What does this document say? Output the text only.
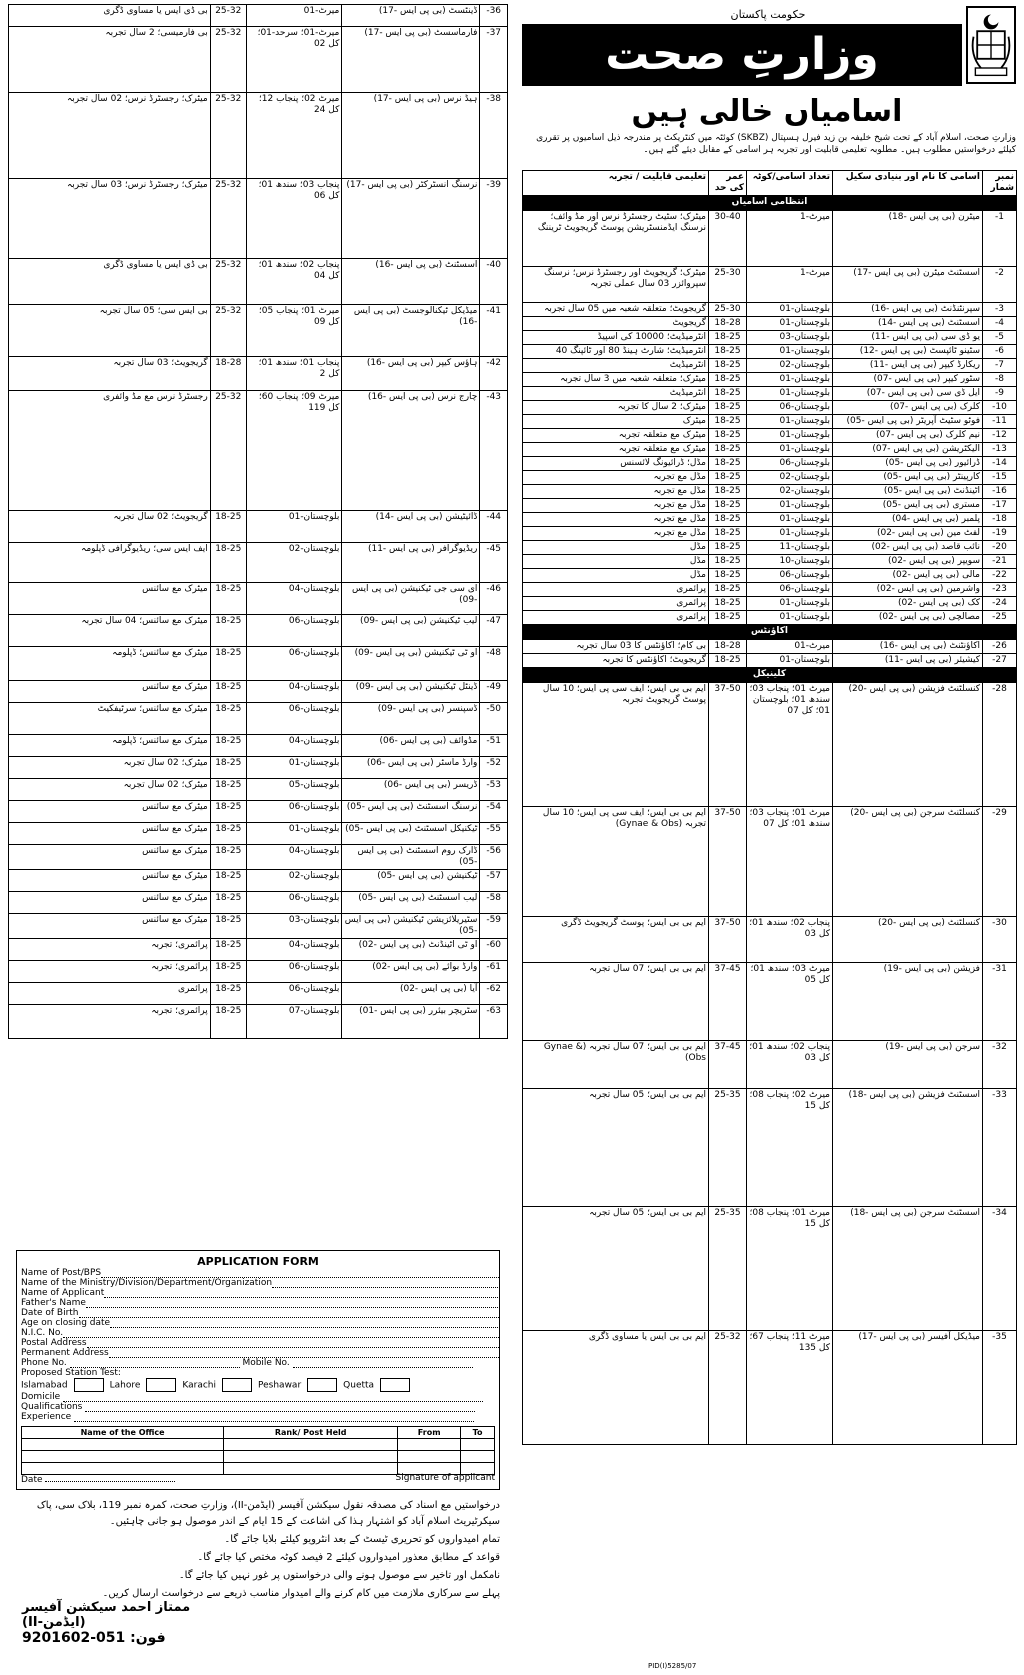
بی ڈی ایس یا مساوی ڈگری	25-32	میرٹ-01	ڈینٹسٹ (بی پی ایس -17)	-36
بی فارمیسی؛ 2 سال تجربہ	25-32	میرٹ-01؛ سرحد-01؛ کل 02	فارماسسٹ (بی پی ایس -17)	-37
میٹرک؛ رجسٹرڈ نرس؛ 02 سال تجربہ	25-32	میرٹ 02؛ پنجاب 12؛ کل 24	ہیڈ نرس (بی پی ایس -17)	-38
میٹرک؛ رجسٹرڈ نرس؛ 03 سال تجربہ	25-32	پنجاب 03؛ سندھ 01؛ کل 06	نرسنگ انسٹرکٹر (بی پی ایس -17)	-39
بی ڈی ایس یا مساوی ڈگری	25-32	پنجاب 02؛ سندھ 01؛ کل 04	اسسٹنٹ (بی پی ایس -16)	-40
بی ایس سی؛ 05 سال تجربہ	25-32	میرٹ 01؛ پنجاب 05؛ کل 09	میڈیکل ٹیکنالوجسٹ (بی پی ایس -16)	-41
گریجویٹ؛ 03 سال تجربہ	18-28	پنجاب 01؛ سندھ 01؛ کل 2	ہاؤس کیپر (بی پی ایس -16)	-42
رجسٹرڈ نرس مع مڈ وائفری	25-32	میرٹ 09؛ پنجاب 60؛ کل 119	چارج نرس (بی پی ایس -16)	-43
گریجویٹ؛ 02 سال تجربہ	18-25	بلوچستان-01	ڈائیٹیشن (بی پی ایس -14)	-44
ایف ایس سی؛ ریڈیوگرافی ڈپلومہ	18-25	بلوچستان-02	ریڈیوگرافر (بی پی ایس -11)	-45
میٹرک مع سائنس	18-25	بلوچستان-04	ای سی جی ٹیکنیشن (بی پی ایس -09)	-46
میٹرک مع سائنس؛ 04 سال تجربہ	18-25	بلوچستان-06	لیب ٹیکنیشن (بی پی ایس -09)	-47
میٹرک مع سائنس؛ ڈپلومہ	18-25	بلوچستان-06	او ٹی ٹیکنیشن (بی پی ایس -09)	-48
میٹرک مع سائنس	18-25	بلوچستان-04	ڈینٹل ٹیکنیشن (بی پی ایس -09)	-49
میٹرک مع سائنس؛ سرٹیفکیٹ	18-25	بلوچستان-06	ڈسپنسر (بی پی ایس -09)	-50
میٹرک مع سائنس؛ ڈپلومہ	18-25	بلوچستان-04	مڈوائف (بی پی ایس -06)	-51
میٹرک؛ 02 سال تجربہ	18-25	بلوچستان-01	وارڈ ماسٹر (بی پی ایس -06)	-52
میٹرک؛ 02 سال تجربہ	18-25	بلوچستان-05	ڈریسر (بی پی ایس -06)	-53
میٹرک مع سائنس	18-25	بلوچستان-06	نرسنگ اسسٹنٹ (بی پی ایس -05)	-54
میٹرک مع سائنس	18-25	بلوچستان-01	ٹیکنیکل اسسٹنٹ (بی پی ایس -05)	-55
میٹرک مع سائنس	18-25	بلوچستان-04	ڈارک روم اسسٹنٹ (بی پی ایس -05)	-56
میٹرک مع سائنس	18-25	بلوچستان-02	ٹیکنیشن (بی پی ایس -05)	-57
میٹرک مع سائنس	18-25	بلوچستان-06	لیب اسسٹنٹ (بی پی ایس -05)	-58
میٹرک مع سائنس	18-25	بلوچستان-03	سٹیریلائزیشن ٹیکنیشن (بی پی ایس -05)	-59
پرائمری؛ تجربہ	18-25	بلوچستان-04	او ٹی اٹینڈنٹ (بی پی ایس -02)	-60
پرائمری؛ تجربہ	18-25	بلوچستان-06	وارڈ بوائے (بی پی ایس -02)	-61
پرائمری	18-25	بلوچستان-06	آیا (بی پی ایس -02)	-62
پرائمری؛ تجربہ	18-25	بلوچستان-07	سٹریچر بیئرر (بی پی ایس -01)	-63
APPLICATION FORM
Name of Post/BPS
Name of the Ministry/Division/Department/Organization
Name of Applicant
Father's Name
Date of Birth
Age on closing date
N.I.C. No.
Postal Address
Permanent Address
Phone No.	Mobile No.
Proposed Station Test:
Islamabad	Lahore	Karachi	Peshawar	Quetta
Domicile
Qualifications
Experience
Name of the Office	Rank/ Post Held	From	To

Date	Signature of applicant
درخواستیں مع اسناد کی مصدقہ نقول سیکشن آفیسر (ایڈمن-II)، وزارتِ صحت، کمرہ نمبر 119، بلاک سی، پاک سیکرٹیریٹ اسلام آباد کو اشتہار ہذا کی اشاعت کے 15 ایام کے اندر موصول ہو جانی چاہئیں۔
تمام امیدواروں کو تحریری ٹیسٹ کے بعد انٹرویو کیلئے بلایا جائے گا۔
قواعد کے مطابق معذور امیدواروں کیلئے 2 فیصد کوٹہ مختص کیا جائے گا۔
نامکمل اور تاخیر سے موصول ہونے والی درخواستوں پر غور نہیں کیا جائے گا۔
پہلے سے سرکاری ملازمت میں کام کرنے والے امیدوار مناسب ذریعے سے درخواست ارسال کریں۔
ممتاز احمد سیکشن آفیسر (ایڈمن-II)
فون: 051-9201602
حکومت پاکستان
وزارتِ صحت
اسامیاں خالی ہیں
وزارتِ صحت، اسلام آباد کے تحت شیخ خلیفہ بن زید فیرل ہسپتال (SKBZ) کوئٹہ میں کنٹریکٹ پر مندرجہ ذیل اسامیوں پر تقرری کیلئے درخواستیں مطلوب ہیں۔ مطلوبہ تعلیمی قابلیت اور تجربہ ہر اسامی کے مقابل دیئے گئے ہیں۔
تعلیمی قابلیت / تجربہ	عمر کی حد	تعداد اسامی/کوٹہ	اسامی کا نام اور بنیادی سکیل	نمبر شمار
انتظامی اسامیاں				
میٹرک؛ سٹیٹ رجسٹرڈ نرس اور مڈ وائف؛ نرسنگ ایڈمنسٹریشن پوسٹ گریجویٹ ٹریننگ	30-40	میرٹ-1	میٹرن (بی پی ایس -18)	-1
میٹرک؛ گریجویٹ اور رجسٹرڈ نرس؛ نرسنگ سپروائزر 03 سال عملی تجربہ	25-30	میرٹ-1	اسسٹنٹ میٹرن (بی پی ایس -17)	-2
گریجویٹ؛ متعلقہ شعبہ میں 05 سال تجربہ	25-30	بلوچستان-01	سپرنٹنڈنٹ (بی پی ایس -16)	-3
گریجویٹ	18-28	بلوچستان-01	اسسٹنٹ (بی پی ایس -14)	-4
انٹرمیڈیٹ؛ 10000 کی اسپیڈ	18-25	بلوچستان-03	یو ڈی سی (بی پی ایس -11)	-5
انٹرمیڈیٹ؛ شارٹ ہینڈ 80 اور ٹائپنگ 40	18-25	بلوچستان-01	سٹینو ٹائپسٹ (بی پی ایس -12)	-6
انٹرمیڈیٹ	18-25	بلوچستان-02	ریکارڈ کیپر (بی پی ایس -11)	-7
میٹرک؛ متعلقہ شعبہ میں 3 سال تجربہ	18-25	بلوچستان-01	سٹور کیپر (بی پی ایس -07)	-8
انٹرمیڈیٹ	18-25	بلوچستان-01	ایل ڈی سی (بی پی ایس -07)	-9
میٹرک؛ 2 سال کا تجربہ	18-25	بلوچستان-06	کلرک (بی پی ایس -07)	-10
میٹرک	18-25	بلوچستان-01	فوٹو سٹیٹ آپریٹر (بی پی ایس -05)	-11
میٹرک مع متعلقہ تجربہ	18-25	بلوچستان-01	نیم کلرک (بی پی ایس -07)	-12
میٹرک مع متعلقہ تجربہ	18-25	بلوچستان-01	الیکٹریشن (بی پی ایس -07)	-13
مڈل؛ ڈرائیونگ لائسنس	18-25	بلوچستان-06	ڈرائیور (بی پی ایس -05)	-14
مڈل مع تجربہ	18-25	بلوچستان-02	کارپینٹر (بی پی ایس -05)	-15
مڈل مع تجربہ	18-25	بلوچستان-02	اٹینڈنٹ (بی پی ایس -05)	-16
مڈل مع تجربہ	18-25	بلوچستان-01	مستری (بی پی ایس -05)	-17
مڈل مع تجربہ	18-25	بلوچستان-01	پلمبر (بی پی ایس -04)	-18
مڈل مع تجربہ	18-25	بلوچستان-01	لفٹ مین (بی پی ایس -02)	-19
مڈل	18-25	بلوچستان-11	نائب قاصد (بی پی ایس -02)	-20
مڈل	18-25	بلوچستان-10	سویپر (بی پی ایس -02)	-21
مڈل	18-25	بلوچستان-06	مالی (بی پی ایس -02)	-22
پرائمری	18-25	بلوچستان-06	واشرمین (بی پی ایس -02)	-23
پرائمری	18-25	بلوچستان-01	کک (بی پی ایس -02)	-24
پرائمری	18-25	بلوچستان-01	مصالچی (بی پی ایس -02)	-25
اکاؤنٹس				
بی کام؛ اکاؤنٹس کا 03 سال تجربہ	18-28	میرٹ-01	اکاؤنٹنٹ (بی پی ایس -16)	-26
گریجویٹ؛ اکاؤنٹس کا تجربہ	18-25	بلوچستان-01	کیشیئر (بی پی ایس -11)	-27
کلینیکل				
ایم بی بی ایس؛ ایف سی پی ایس؛ 10 سال پوسٹ گریجویٹ تجربہ	37-50	میرٹ 01؛ پنجاب 03؛ سندھ 01؛ بلوچستان 01؛ کل 07	کنسلٹنٹ فزیشن (بی پی ایس -20)	-28
ایم بی بی ایس؛ ایف سی پی ایس؛ 10 سال تجربہ (Gynae & Obs)	37-50	میرٹ 01؛ پنجاب 03؛ سندھ 01؛ کل 07	کنسلٹنٹ سرجن (بی پی ایس -20)	-29
ایم بی بی ایس؛ پوسٹ گریجویٹ ڈگری	37-50	پنجاب 02؛ سندھ 01؛ کل 03	کنسلٹنٹ (بی پی ایس -20)	-30
ایم بی بی ایس؛ 07 سال تجربہ	37-45	میرٹ 03؛ سندھ 01؛ کل 05	فزیشن (بی پی ایس -19)	-31
ایم بی بی ایس؛ 07 سال تجربہ (Gynae & Obs)	37-45	پنجاب 02؛ سندھ 01؛ کل 03	سرجن (بی پی ایس -19)	-32
ایم بی بی ایس؛ 05 سال تجربہ	25-35	میرٹ 02؛ پنجاب 08؛ کل 15	اسسٹنٹ فزیشن (بی پی ایس -18)	-33
ایم بی بی ایس؛ 05 سال تجربہ	25-35	میرٹ 01؛ پنجاب 08؛ کل 15	اسسٹنٹ سرجن (بی پی ایس -18)	-34
ایم بی بی ایس یا مساوی ڈگری	25-32	میرٹ 11؛ پنجاب 67؛ کل 135	میڈیکل آفیسر (بی پی ایس -17)	-35
PID(I)5285/07
